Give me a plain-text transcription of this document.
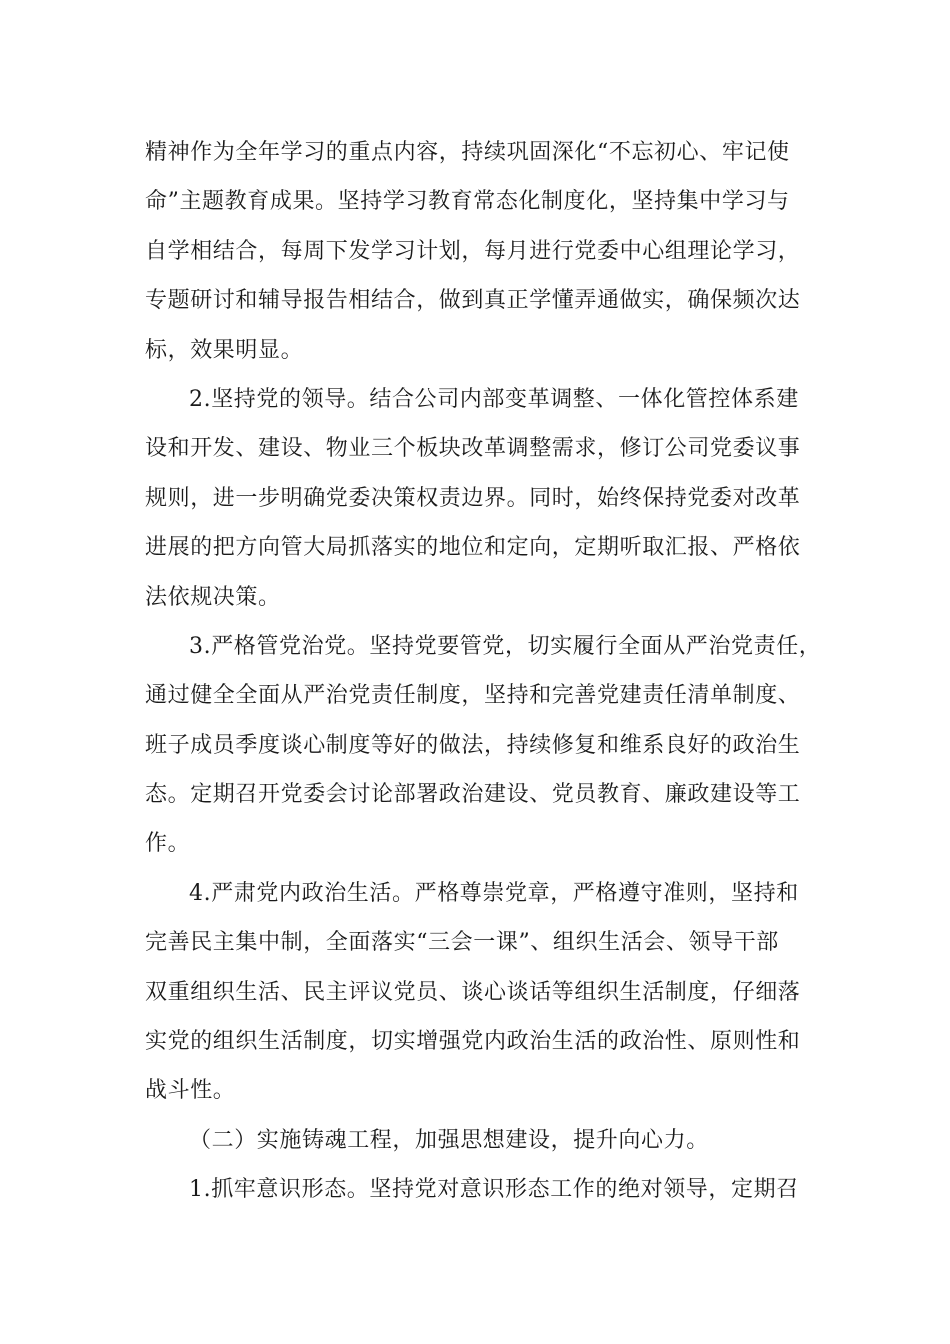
精神作为全年学习的重点内容，持续巩固深化“不忘初心、牢记使
命”主题教育成果。坚持学习教育常态化制度化，坚持集中学习与
自学相结合，每周下发学习计划，每月进行党委中心组理论学习，
专题研讨和辅导报告相结合，做到真正学懂弄通做实，确保频次达
标，效果明显。
2.坚持党的领导。结合公司内部变革调整、一体化管控体系建
设和开发、建设、物业三个板块改革调整需求，修订公司党委议事
规则，进一步明确党委决策权责边界。同时，始终保持党委对改革
进展的把方向管大局抓落实的地位和定向，定期听取汇报、严格依
法依规决策。
3.严格管党治党。坚持党要管党，切实履行全面从严治党责任，
通过健全全面从严治党责任制度，坚持和完善党建责任清单制度、
班子成员季度谈心制度等好的做法，持续修复和维系良好的政治生
态。定期召开党委会讨论部署政治建设、党员教育、廉政建设等工
作。
4.严肃党内政治生活。严格尊崇党章，严格遵守准则，坚持和
完善民主集中制，全面落实“三会一课”、组织生活会、领导干部
双重组织生活、民主评议党员、谈心谈话等组织生活制度，仔细落
实党的组织生活制度，切实增强党内政治生活的政治性、原则性和
战斗性。
（二）实施铸魂工程，加强思想建设，提升向心力。
1.抓牢意识形态。坚持党对意识形态工作的绝对领导，定期召
